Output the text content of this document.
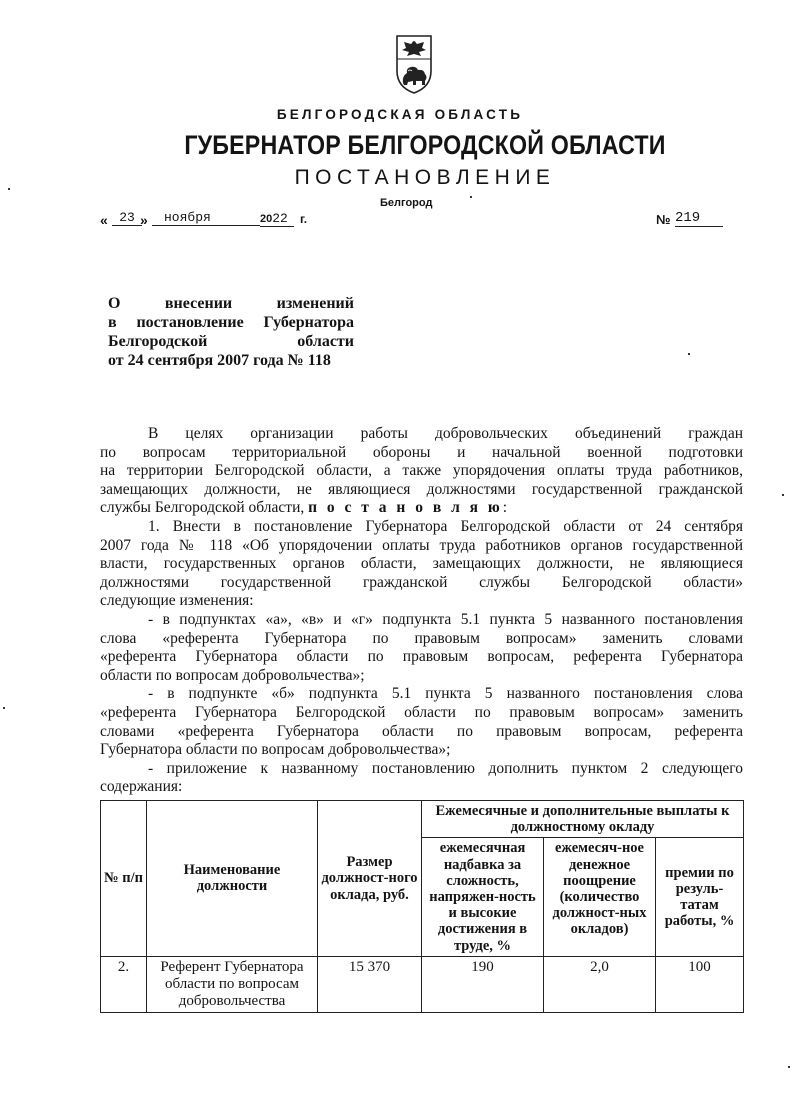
БЕЛГОРОДСКАЯ ОБЛАСТЬ
ГУБЕРНАТОР БЕЛГОРОДСКОЙ ОБЛАСТИ
ПОСТАНОВЛЕНИЕ
Белгород
« 23 »	ноября	2022	г.	№ 219
О внесении изменений
в постановление Губернатора
Белгородской области
от 24 сентября 2007 года № 118
В целях организации работы добровольческих объединений граждан
по вопросам территориальной обороны и начальной военной подготовки
на территории Белгородской области, а также упорядочения оплаты труда работников,
замещающих должности, не являющиеся должностями государственной гражданской
службы Белгородской области, п о с т а н о в л я ю:
1. Внести в постановление Губернатора Белгородской области от 24 сентября
2007 года № 118 «Об упорядочении оплаты труда работников органов государственной
власти, государственных органов области, замещающих должности, не являющиеся
должностями государственной гражданской службы Белгородской области»
следующие изменения:
- в подпунктах «а», «в» и «г» подпункта 5.1 пункта 5 названного постановления
слова «референта Губернатора по правовым вопросам» заменить словами
«референта Губернатора области по правовым вопросам, референта Губернатора
области по вопросам добровольчества»;
- в подпункте «б» подпункта 5.1 пункта 5 названного постановления слова
«референта Губернатора Белгородской области по правовым вопросам» заменить
словами «референта Губернатора области по правовым вопросам, референта
Губернатора области по вопросам добровольчества»;
- приложение к названному постановлению дополнить пунктом 2 следующего
содержания:
№ п/п	Наименование должности	Размер должност-ного оклада, руб.	Ежемесячные и дополнительные выплаты к должностному окладу		
			ежемесячная надбавка за сложность, напряжен-ность и высокие достижения в труде, %	ежемесяч-ное денежное поощрение (количество должност-ных окладов)	премии по резуль-татам работы, %
2.	Референт Губернатора области по вопросам добровольчества	15 370	190	2,0	100
